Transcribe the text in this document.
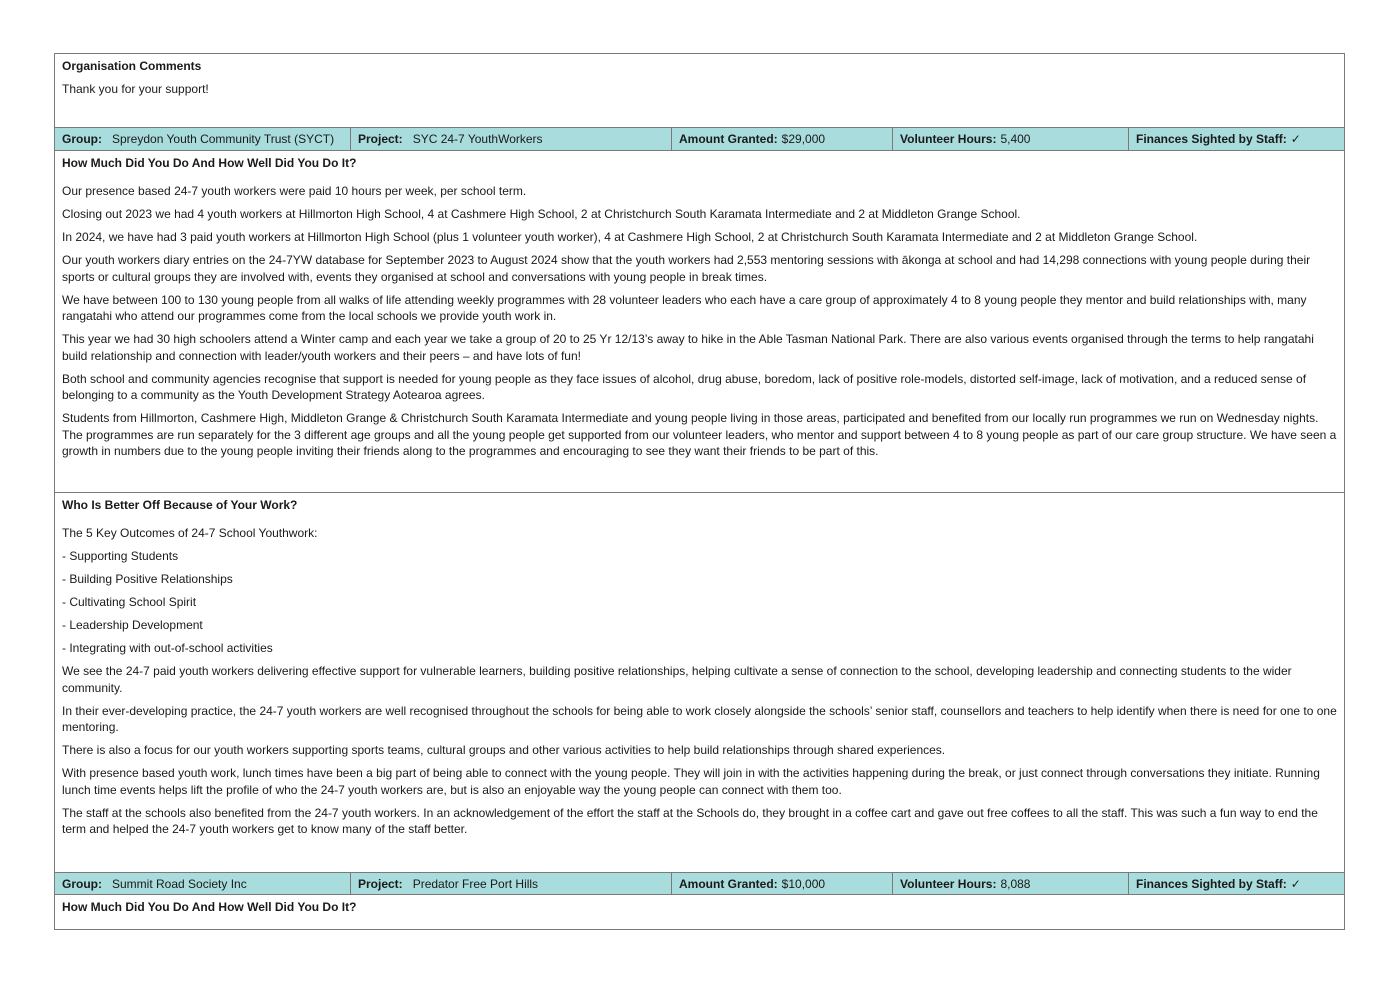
Organisation Comments
Thank you for your support!
Group: Spreydon Youth Community Trust (SYCT) Project: SYC 24-7 YouthWorkers	Amount Granted: $29,000	Volunteer Hours: 5,400	Finances Sighted by Staff: ✓
How Much Did You Do And How Well Did You Do It?
Our presence based 24-7 youth workers were paid 10 hours per week, per school term.
Closing out 2023 we had 4 youth workers at Hillmorton High School, 4 at Cashmere High School, 2 at Christchurch South Karamata Intermediate and 2 at Middleton Grange School.
In 2024, we have had 3 paid youth workers at Hillmorton High School (plus 1 volunteer youth worker), 4 at Cashmere High School, 2 at Christchurch South Karamata Intermediate and 2 at Middleton Grange School.
Our youth workers diary entries on the 24-7YW database for September 2023 to August 2024 show that the youth workers had 2,553 mentoring sessions with ākonga at school and had 14,298 connections with young people during their sports or cultural groups they are involved with, events they organised at school and conversations with young people in break times.
We have between 100 to 130 young people from all walks of life attending weekly programmes with 28 volunteer leaders who each have a care group of approximately 4 to 8 young people they mentor and build relationships with, many rangatahi who attend our programmes come from the local schools we provide youth work in.
This year we had 30 high schoolers attend a Winter camp and each year we take a group of 20 to 25 Yr 12/13’s away to hike in the Able Tasman National Park. There are also various events organised through the terms to help rangatahi build relationship and connection with leader/youth workers and their peers – and have lots of fun!
Both school and community agencies recognise that support is needed for young people as they face issues of alcohol, drug abuse, boredom, lack of positive role-models, distorted self-image, lack of motivation, and a reduced sense of belonging to a community as the Youth Development Strategy Aotearoa agrees.
Students from Hillmorton, Cashmere High, Middleton Grange & Christchurch South Karamata Intermediate and young people living in those areas, participated and benefited from our locally run programmes we run on Wednesday nights. The programmes are run separately for the 3 different age groups and all the young people get supported from our volunteer leaders, who mentor and support between 4 to 8 young people as part of our care group structure. We have seen a growth in numbers due to the young people inviting their friends along to the programmes and encouraging to see they want their friends to be part of this.
Who Is Better Off Because of Your Work?
The 5 Key Outcomes of 24-7 School Youthwork:
- Supporting Students
- Building Positive Relationships
- Cultivating School Spirit
- Leadership Development
- Integrating with out-of-school activities
We see the 24-7 paid youth workers delivering effective support for vulnerable learners, building positive relationships, helping cultivate a sense of connection to the school, developing leadership and connecting students to the wider community.
In their ever-developing practice, the 24-7 youth workers are well recognised throughout the schools for being able to work closely alongside the schools’ senior staff, counsellors and teachers to help identify when there is need for one to one mentoring.
There is also a focus for our youth workers supporting sports teams, cultural groups and other various activities to help build relationships through shared experiences.
With presence based youth work, lunch times have been a big part of being able to connect with the young people. They will join in with the activities happening during the break, or just connect through conversations they initiate. Running lunch time events helps lift the profile of who the 24-7 youth workers are, but is also an enjoyable way the young people can connect with them too.
The staff at the schools also benefited from the 24-7 youth workers. In an acknowledgement of the effort the staff at the Schools do, they brought in a coffee cart and gave out free coffees to all the staff. This was such a fun way to end the term and helped the 24-7 youth workers get to know many of the staff better.
Group: Summit Road Society Inc	Project: Predator Free Port Hills	Amount Granted: $10,000	Volunteer Hours: 8,088	Finances Sighted by Staff: ✓
How Much Did You Do And How Well Did You Do It?
